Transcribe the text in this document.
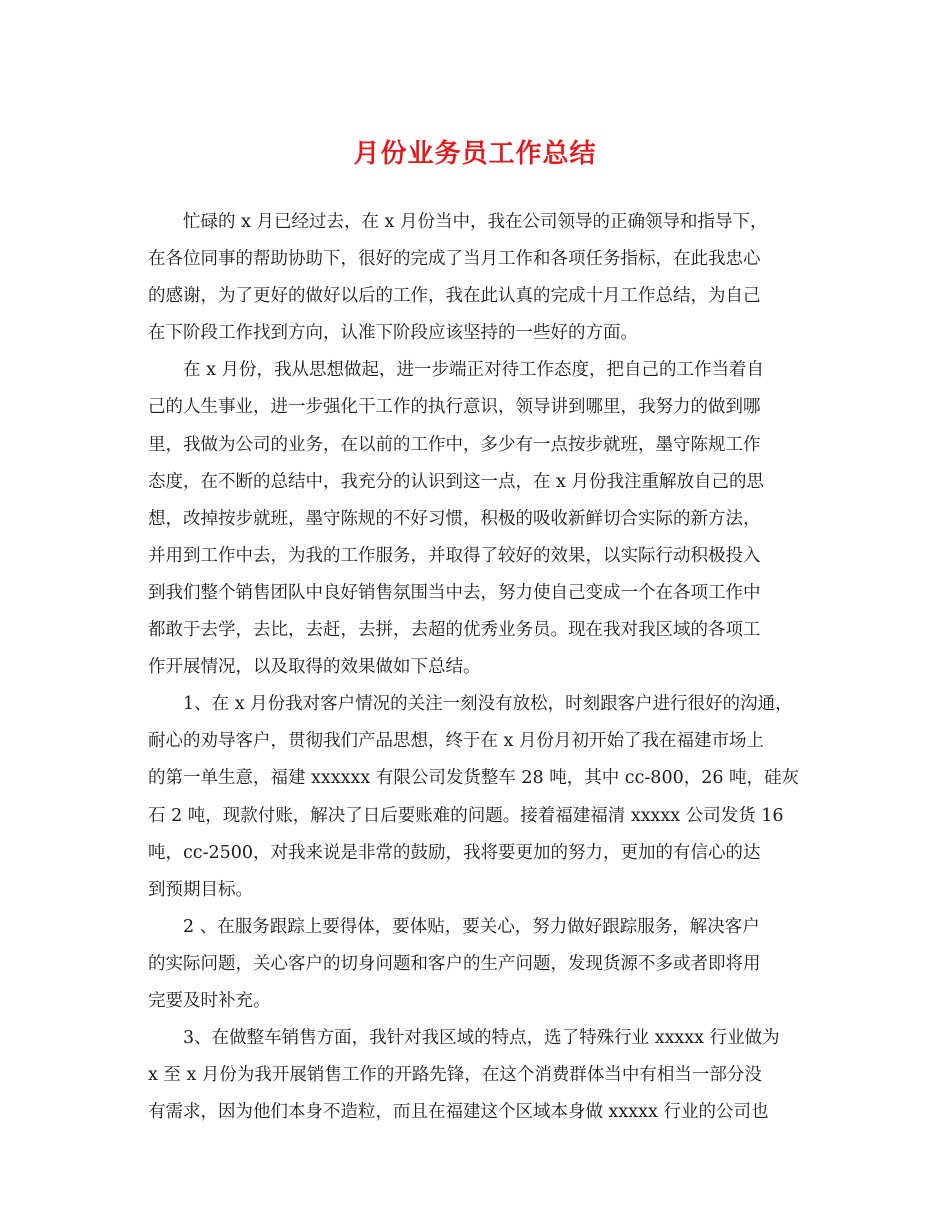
月份业务员工作总结
忙碌的 x 月已经过去，在 x 月份当中，我在公司领导的正确领导和指导下，
在各位同事的帮助协助下，很好的完成了当月工作和各项任务指标，在此我忠心
的感谢，为了更好的做好以后的工作，我在此认真的完成十月工作总结，为自己
在下阶段工作找到方向，认准下阶段应该坚持的一些好的方面。
在 x 月份，我从思想做起，进一步端正对待工作态度，把自己的工作当着自
己的人生事业，进一步强化干工作的执行意识，领导讲到哪里，我努力的做到哪
里，我做为公司的业务，在以前的工作中，多少有一点按步就班，墨守陈规工作
态度，在不断的总结中，我充分的认识到这一点，在 x 月份我注重解放自己的思
想，改掉按步就班，墨守陈规的不好习惯，积极的吸收新鲜切合实际的新方法，
并用到工作中去，为我的工作服务，并取得了较好的效果，以实际行动积极投入
到我们整个销售团队中良好销售氛围当中去，努力使自己变成一个在各项工作中
都敢于去学，去比，去赶，去拼，去超的优秀业务员。现在我对我区域的各项工
作开展情况，以及取得的效果做如下总结。
1、在 x 月份我对客户情况的关注一刻没有放松，时刻跟客户进行很好的沟通，
耐心的劝导客户，贯彻我们产品思想，终于在 x 月份月初开始了我在福建市场上
的第一单生意，福建 xxxxxx 有限公司发货整车 28 吨，其中 cc-800，26 吨，硅灰
石 2 吨，现款付账，解决了日后要账难的问题。接着福建福清 xxxxx 公司发货 16
吨，cc-2500，对我来说是非常的鼓励，我将要更加的努力，更加的有信心的达
到预期目标。
2 、在服务跟踪上要得体，要体贴，要关心，努力做好跟踪服务，解决客户
的实际问题，关心客户的切身问题和客户的生产问题，发现货源不多或者即将用
完要及时补充。
3、在做整车销售方面，我针对我区域的特点，选了特殊行业 xxxxx 行业做为
x 至 x 月份为我开展销售工作的开路先锋，在这个消费群体当中有相当一部分没
有需求，因为他们本身不造粒，而且在福建这个区域本身做 xxxxx 行业的公司也
